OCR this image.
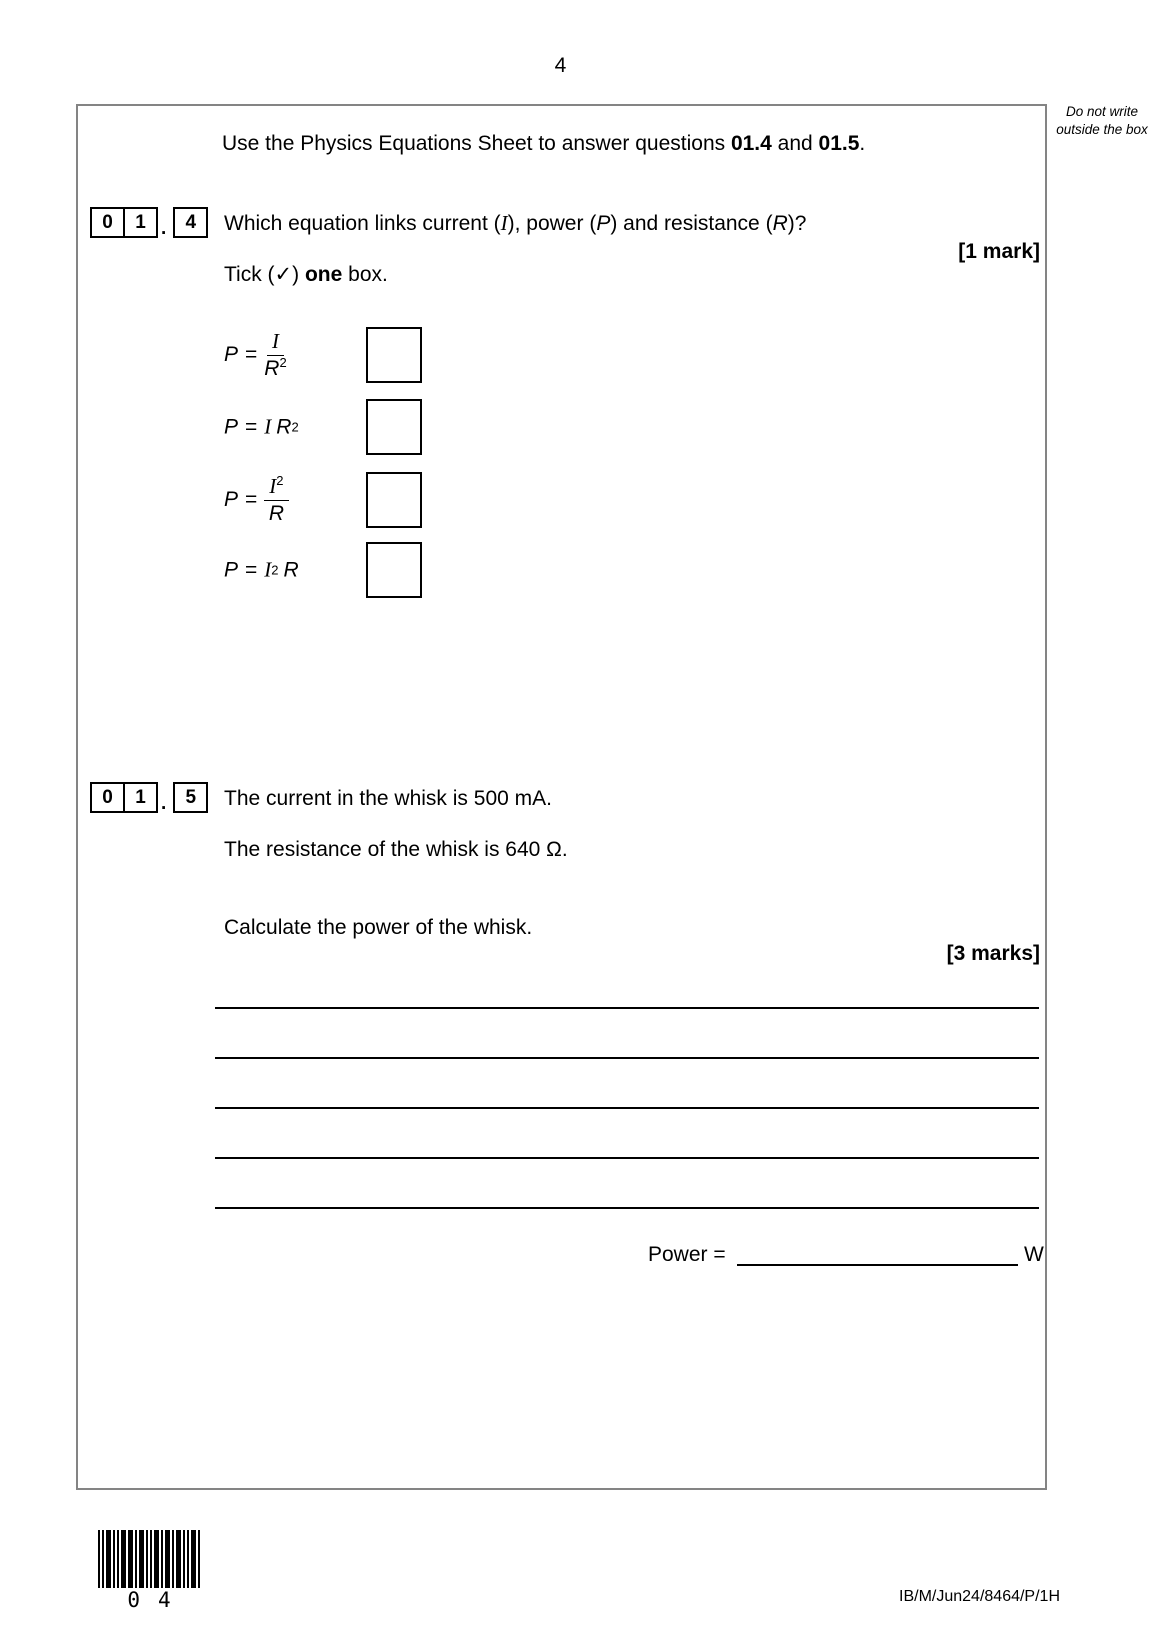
4
Do not write outside the box
Use the Physics Equations Sheet to answer questions 01.4 and 01.5.
0	1 .	4	Which equation links current (I), power (P) and resistance (R)?
[1 mark]
Tick (✓) one box.
$P = \frac{I}{R^2}$
P = I R 2
$P = \frac{I^2}{R}$
P = I 2 R
0	1 .	5	The current in the whisk is 500 mA.
The resistance of the whisk is 640 Ω.
Calculate the power of the whisk.
[3 marks]
Power =	W
0 4	IB/M/Jun24/8464/P/1H
